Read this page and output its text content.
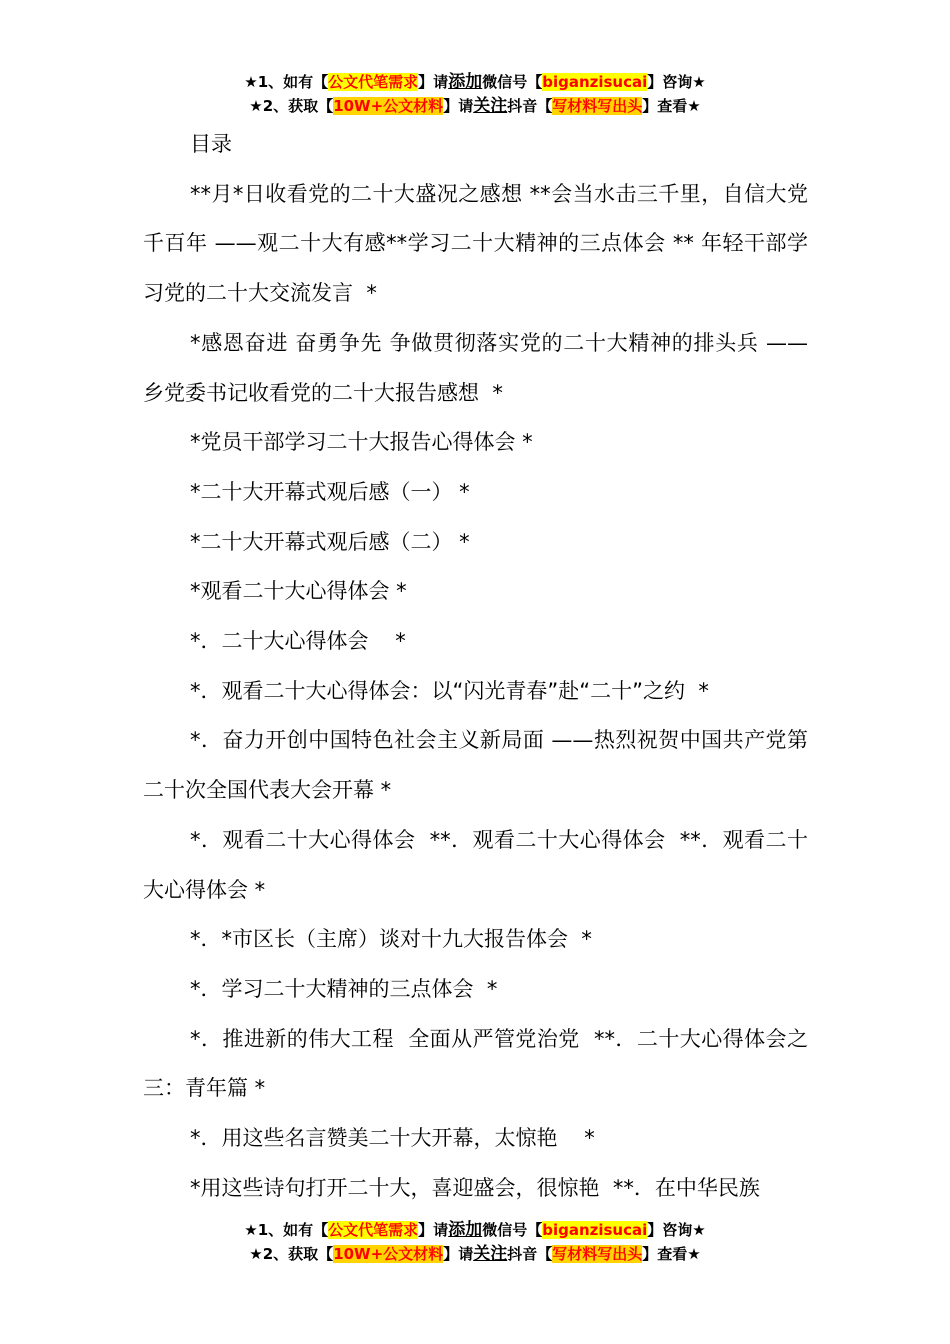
★1、如有【公文代笔需求】请添加微信号【biganzisucai】咨询★
★2、获取【10W+公文材料】请关注抖音【写材料写出头】查看★

目录

**月*日收看党的二十大盛况之感想 **会当水击三千里，自信大党千百年 ——观二十大有感**学习二十大精神的三点体会 ** 年轻干部学习党的二十大交流发言  *

*感恩奋进 奋勇争先 争做贯彻落实党的二十大精神的排头兵 ——乡党委书记收看党的二十大报告感想  *

*党员干部学习二十大报告心得体会 *

*二十大开幕式观后感（一） *

*二十大开幕式观后感（二） *

*观看二十大心得体会 *

*．二十大心得体会    *

*．观看二十大心得体会：以“闪光青春”赴“二十”之约  *

*．奋力开创中国特色社会主义新局面 ——热烈祝贺中国共产党第二十次全国代表大会开幕 *

*．观看二十大心得体会  **．观看二十大心得体会  **．观看二十大心得体会 *

*．*市区长（主席）谈对十九大报告体会  *

*．学习二十大精神的三点体会  *

*．推进新的伟大工程  全面从严管党治党  **．二十大心得体会之三：青年篇 *

*．用这些名言赞美二十大开幕，太惊艳    *

*用这些诗句打开二十大，喜迎盛会，很惊艳  **．在中华民族

★1、如有【公文代笔需求】请添加微信号【biganzisucai】咨询★
★2、获取【10W+公文材料】请关注抖音【写材料写出头】查看★
